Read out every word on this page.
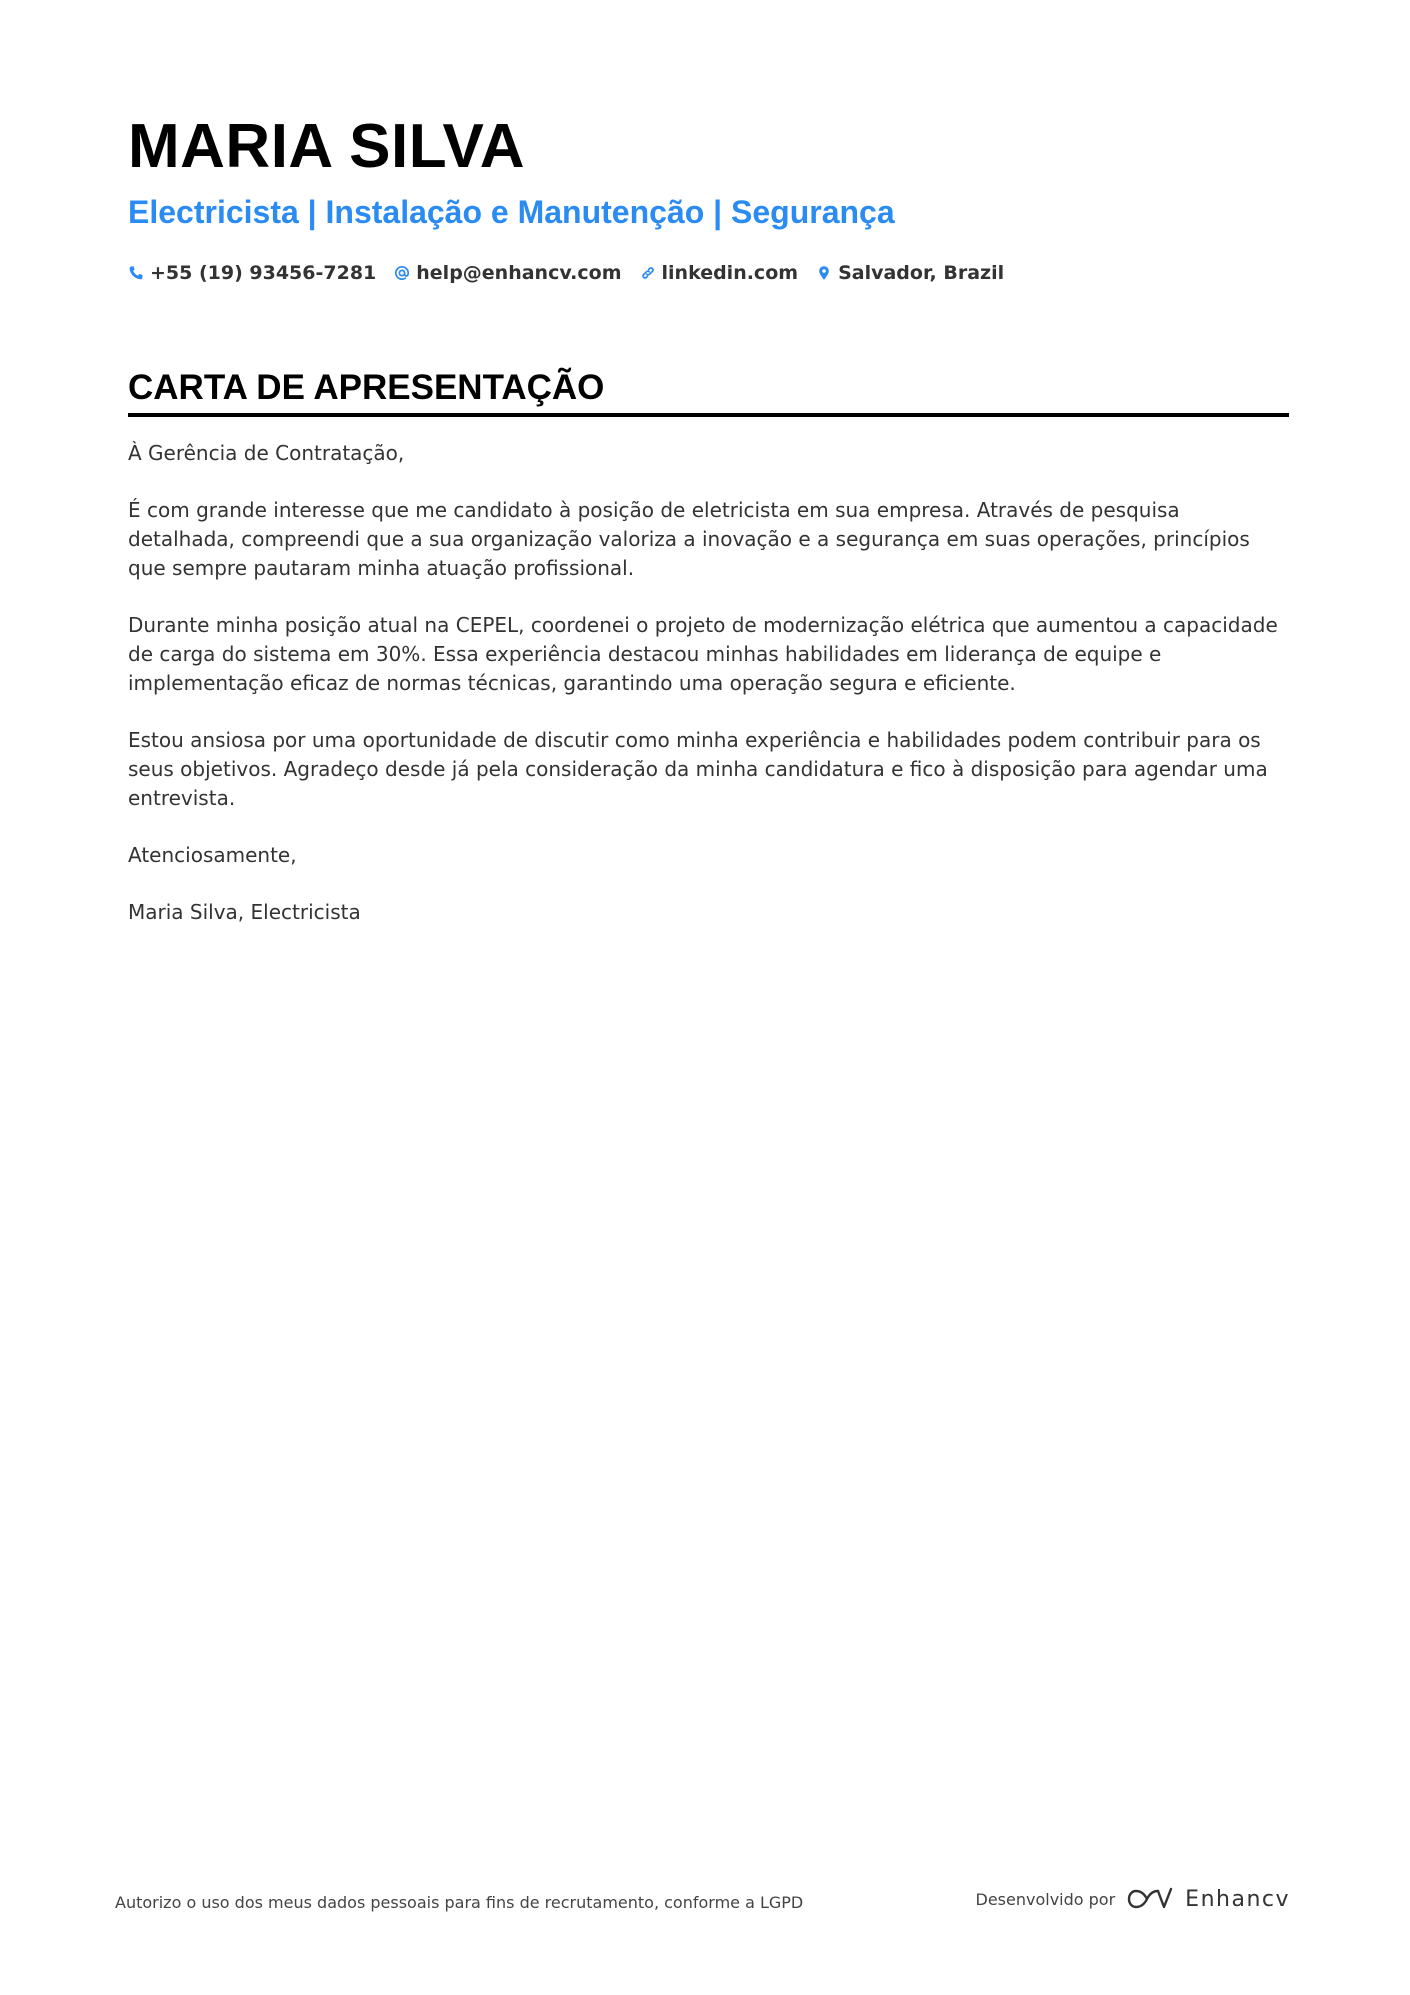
MARIA SILVA
Electricista | Instalação e Manutenção | Segurança
+55 (19) 93456-7281 help@enhancv.com linkedin.com Salvador, Brazil
CARTA DE APRESENTAÇÃO

À Gerência de Contratação,

É com grande interesse que me candidato à posição de eletricista em sua empresa. Através de pesquisa detalhada, compreendi que a sua organização valoriza a inovação e a segurança em suas operações, princípios que sempre pautaram minha atuação profissional.

Durante minha posição atual na CEPEL, coordenei o projeto de modernização elétrica que aumentou a capacidade de carga do sistema em 30%. Essa experiência destacou minhas habilidades em liderança de equipe e implementação eficaz de normas técnicas, garantindo uma operação segura e eficiente.

Estou ansiosa por uma oportunidade de discutir como minha experiência e habilidades podem contribuir para os seus objetivos. Agradeço desde já pela consideração da minha candidatura e fico à disposição para agendar uma entrevista.

Atenciosamente,

Maria Silva, Electricista

Autorizo o uso dos meus dados pessoais para fins de recrutamento, conforme a LGPD	Desenvolvido por	Enhancv
